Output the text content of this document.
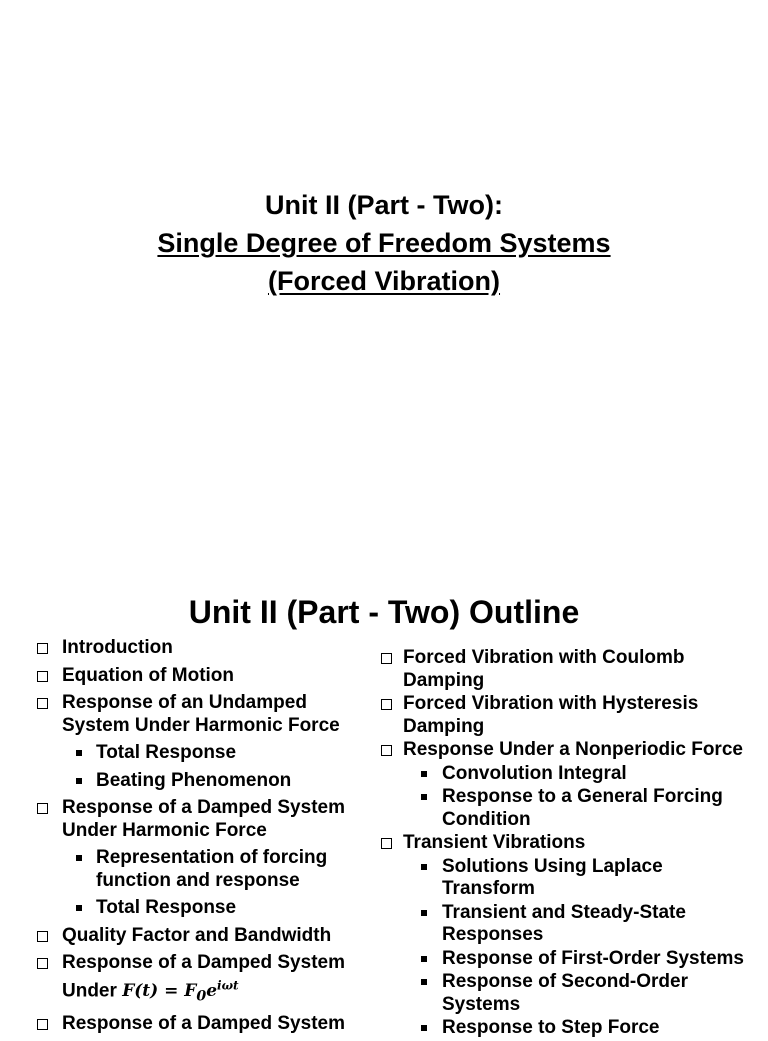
Unit II (Part - Two):
Single Degree of Freedom Systems
(Forced Vibration)
Unit II (Part - Two) Outline
Introduction
Equation of Motion
Response of an Undamped System Under Harmonic Force
Total Response
Beating Phenomenon
Response of a Damped System Under Harmonic Force
Representation of forcing function and response
Total Response
Quality Factor and Bandwidth
Response of a Damped System Under $F(t) = F_0e^{i\omega t}$
Response of a Damped System
Forced Vibration with Coulomb Damping
Forced Vibration with Hysteresis Damping
Response Under a Nonperiodic Force
Convolution Integral
Response to a General Forcing Condition
Transient Vibrations
Solutions Using Laplace Transform
Transient and Steady-State Responses
Response of First-Order Systems
Response of Second-Order Systems
Response to Step Force
